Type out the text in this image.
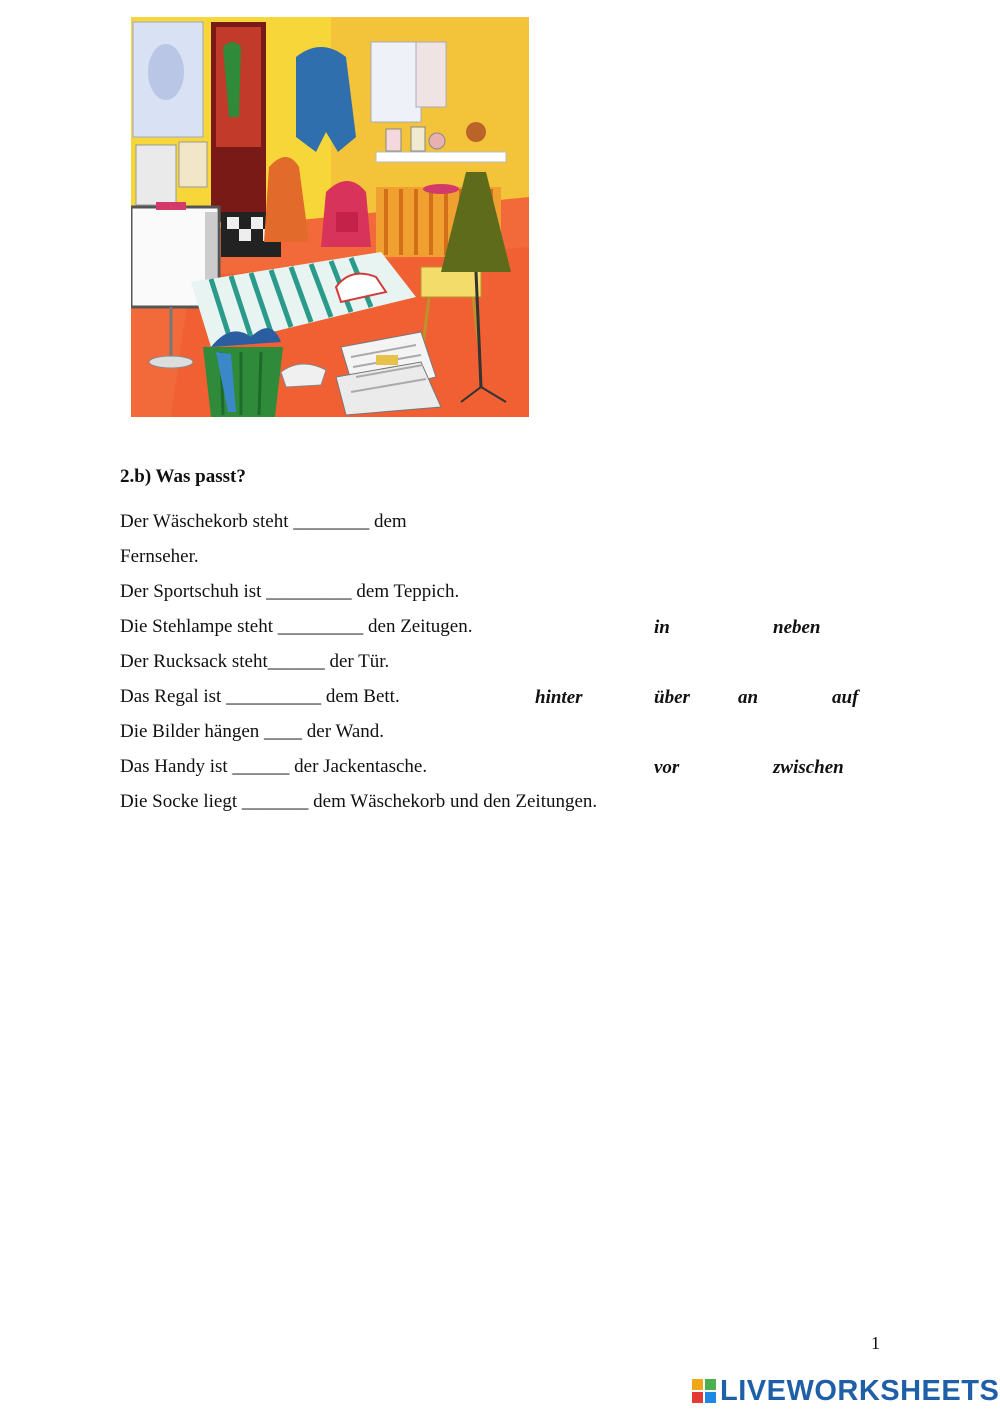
2.b) Was passt?
Der Wäschekorb steht ________ dem
Fernseher.
Der Sportschuh ist _________ dem Teppich.
Die Stehlampe steht _________ den Zeitugen.
Der Rucksack steht______ der Tür.
Das Regal ist __________ dem Bett.
Die Bilder hängen ____ der Wand.
Das Handy ist ______ der Jackentasche.
Die Socke liegt _______ dem Wäschekorb und den Zeitungen.
in	neben
hinter	über	an	auf
vor	zwischen
1
LIVEWORKSHEETS
